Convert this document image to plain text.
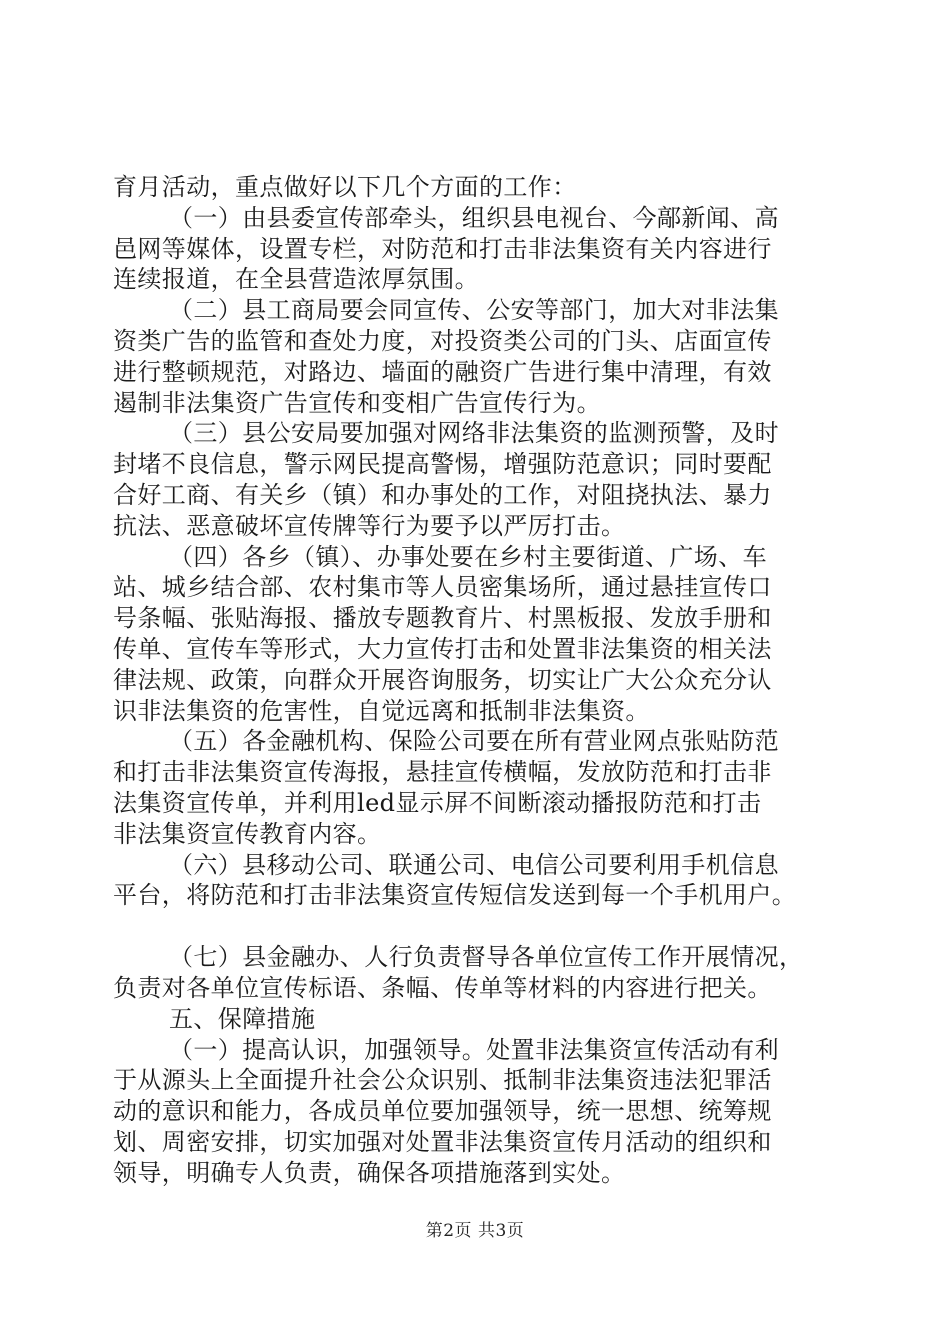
育月活动，重点做好以下几个方面的工作：

（一）由县委宣传部牵头，组织县电视台、今鄗新闻、高

邑网等媒体，设置专栏，对防范和打击非法集资有关内容进行

连续报道，在全县营造浓厚氛围。

（二）县工商局要会同宣传、公安等部门，加大对非法集

资类广告的监管和查处力度，对投资类公司的门头、店面宣传

进行整顿规范，对路边、墙面的融资广告进行集中清理，有效

遏制非法集资广告宣传和变相广告宣传行为。

（三）县公安局要加强对网络非法集资的监测预警，及时

封堵不良信息，警示网民提高警惕，增强防范意识；同时要配

合好工商、有关乡（镇）和办事处的工作，对阻挠执法、暴力

抗法、恶意破坏宣传牌等行为要予以严厉打击。

（四）各乡（镇）、办事处要在乡村主要街道、广场、车

站、城乡结合部、农村集市等人员密集场所，通过悬挂宣传口

号条幅、张贴海报、播放专题教育片、村黑板报、发放手册和

传单、宣传车等形式，大力宣传打击和处置非法集资的相关法

律法规、政策，向群众开展咨询服务，切实让广大公众充分认

识非法集资的危害性，自觉远离和抵制非法集资。

（五）各金融机构、保险公司要在所有营业网点张贴防范

和打击非法集资宣传海报，悬挂宣传横幅，发放防范和打击非

法集资宣传单，并利用led显示屏不间断滚动播报防范和打击

非法集资宣传教育内容。

（六）县移动公司、联通公司、电信公司要利用手机信息

平台，将防范和打击非法集资宣传短信发送到每一个手机用户。

（七）县金融办、人行负责督导各单位宣传工作开展情况，

负责对各单位宣传标语、条幅、传单等材料的内容进行把关。

五、保障措施

（一）提高认识，加强领导。处置非法集资宣传活动有利

于从源头上全面提升社会公众识别、抵制非法集资违法犯罪活

动的意识和能力，各成员单位要加强领导，统一思想、统筹规

划、周密安排，切实加强对处置非法集资宣传月活动的组织和

领导，明确专人负责，确保各项措施落到实处。

第2页 共3页
